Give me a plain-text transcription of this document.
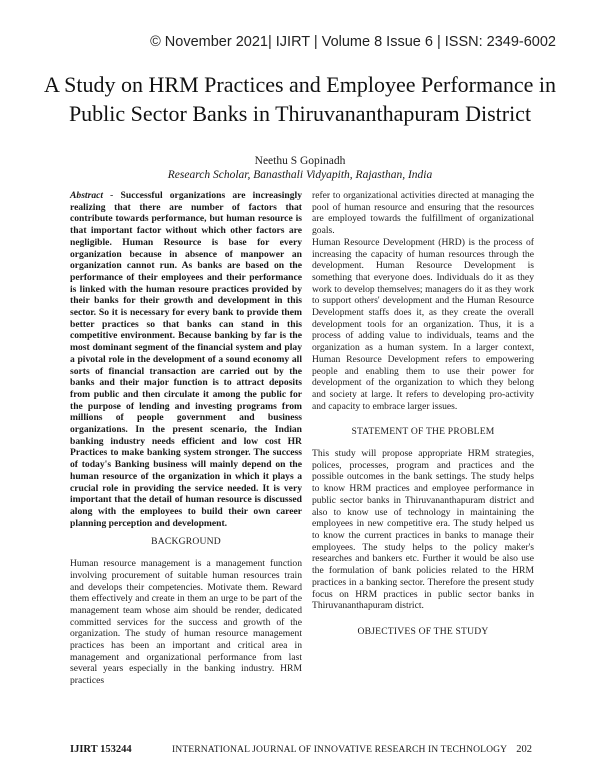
© November 2021| IJIRT | Volume 8 Issue 6 | ISSN: 2349-6002
A Study on HRM Practices and Employee Performance in Public Sector Banks in Thiruvananthapuram District
Neethu S Gopinadh
Research Scholar, Banasthali Vidyapith, Rajasthan, India

Abstract - Successful organizations are increasingly realizing that there are number of factors that contribute towards performance, but human resource is that important factor without which other factors are negligible. Human Resource is base for every organization because in absence of manpower an organization cannot run. As banks are based on the performance of their employees and their performance is linked with the human resoure practices provided by their banks for their growth and development in this sector. So it is necessary for every bank to provide them better practices so that banks can stand in this competitive environment. Because banking by far is the most dominant segment of the financial system and play a pivotal role in the development of a sound economy all sorts of financial transaction are carried out by the banks and their major function is to attract deposits from public and then circulate it among the public for the purpose of lending and investing programs from millions of people government and business organizations. In the present scenario, the Indian banking industry needs efficient and low cost HR Practices to make banking system stronger. The success of today's Banking business will mainly depend on the human resource of the organization in which it plays a crucial role in providing the service needed. It is very important that the detail of human resource is discussed along with the employees to build their own career planning perception and development.

BACKGROUND

Human resource management is a management function involving procurement of suitable human resources train and develops their competencies. Motivate them. Reward them effectively and create in them an urge to be part of the management team whose aim should be render, dedicated committed services for the success and growth of the organization. The study of human resource management practices has been an important and critical area in management and organizational performance from last several years especially in the banking industry. HRM practices

refer to organizational activities directed at managing the pool of human resource and ensuring that the resources are employed towards the fulfillment of organizational goals.

Human Resource Development (HRD) is the process of increasing the capacity of human resources through the development. Human Resource Development is something that everyone does. Individuals do it as they work to develop themselves; managers do it as they work to support others' development and the Human Resource Development staffs does it, as they create the overall development tools for an organization. Thus, it is a process of adding value to individuals, teams and the organization as a human system. In a larger context, Human Resource Development refers to empowering people and enabling them to use their power for development of the organization to which they belong and society at large. It refers to developing pro-activity and capacity to embrace larger issues.

STATEMENT OF THE PROBLEM

This study will propose appropriate HRM strategies, polices, processes, program and practices and the possible outcomes in the bank settings. The study helps to know HRM practices and employee performance in public sector banks in Thiruvananthapuram district and also to know use of technology in maintaining the employees in new competitive era. The study helped us to know the current practices in banks to manage their employees. The study helps to the policy maker's researches and bankers etc. Further it would be also use the formulation of bank policies related to the HRM practices in a banking sector. Therefore the present study focus on HRM practices in public sector banks in Thiruvananthapuram district.

OBJECTIVES OF THE STUDY
IJIRT 153244	INTERNATIONAL JOURNAL OF INNOVATIVE RESEARCH IN TECHNOLOGY 202
